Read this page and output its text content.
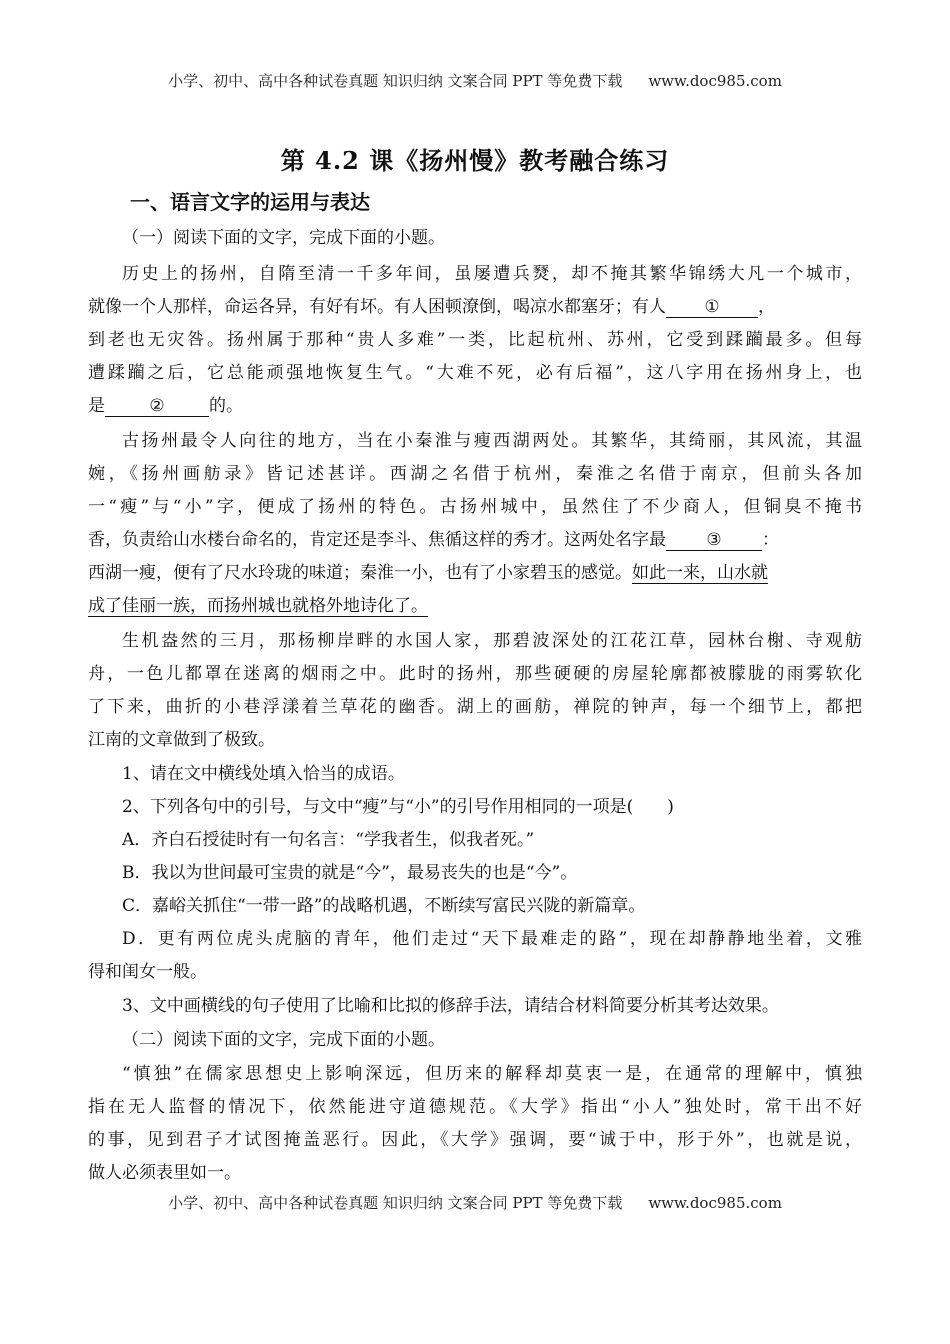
小学、初中、高中各种试卷真题 知识归纳 文案合同 PPT 等免费下载 www.doc985.com
第 4.2 课《扬州慢》教考融合练习
一、语言文字的运用与表达
（一）阅读下面的文字，完成下面的小题。
历史上的扬州，自隋至清一千多年间，虽屡遭兵燹，却不掩其繁华锦绣大凡一个城市，
就像一个人那样，命运各异，有好有坏。有人困顿潦倒，喝凉水都塞牙；有人 ① ，
到老也无灾咎。扬州属于那种“贵人多难”一类，比起杭州、苏州，它受到蹂躏最多。但每
遭蹂躏之后，它总能顽强地恢复生气。“大难不死，必有后福”，这八字用在扬州身上，也
是	②	的。
古扬州最令人向往的地方，当在小秦淮与瘦西湖两处。其繁华，其绮丽，其风流，其温
婉，《扬州画舫录》皆记述甚详。西湖之名借于杭州，秦淮之名借于南京，但前头各加
一“瘦”与“小”字，便成了扬州的特色。古扬州城中，虽然住了不少商人，但铜臭不掩书
香，负责给山水楼台命名的，肯定还是李斗、焦循这样的秀才。这两处名字最 ③ ：
西湖一瘦，便有了尺水玲珑的味道；秦淮一小，也有了小家碧玉的感觉。如此一来，山水就
成了佳丽一族，而扬州城也就格外地诗化了。
生机盎然的三月，那杨柳岸畔的水国人家，那碧波深处的江花江草，园林台榭、寺观舫
舟，一色儿都罩在迷离的烟雨之中。此时的扬州，那些硬硬的房屋轮廓都被朦胧的雨雾软化
了下来，曲折的小巷浮漾着兰草花的幽香。湖上的画舫，禅院的钟声，每一个细节上，都把
江南的文章做到了极致。
1、请在文中横线处填入恰当的成语。
2、下列各句中的引号，与文中“瘦”与“小”的引号作用相同的一项是(　　)
A．齐白石授徒时有一句名言：“学我者生，似我者死。”
B．我以为世间最可宝贵的就是“今”，最易丧失的也是“今”。
C．嘉峪关抓住“一带一路”的战略机遇，不断续写富民兴陇的新篇章。
D．更有两位虎头虎脑的青年，他们走过“天下最难走的路”，现在却静静地坐着，文雅
得和闺女一般。
3、文中画横线的句子使用了比喻和比拟的修辞手法，请结合材料简要分析其考达效果。
（二）阅读下面的文字，完成下面的小题。
“慎独”在儒家思想史上影响深远，但历来的解释却莫衷一是，在通常的理解中，慎独
指在无人监督的情况下，依然能进守道德规范。《大学》指出“小人”独处时，常干出不好
的事，见到君子才试图掩盖恶行。因此，《大学》强调，要“诚于中，形于外”，也就是说，
做人必须表里如一。
小学、初中、高中各种试卷真题 知识归纳 文案合同 PPT 等免费下载 www.doc985.com
